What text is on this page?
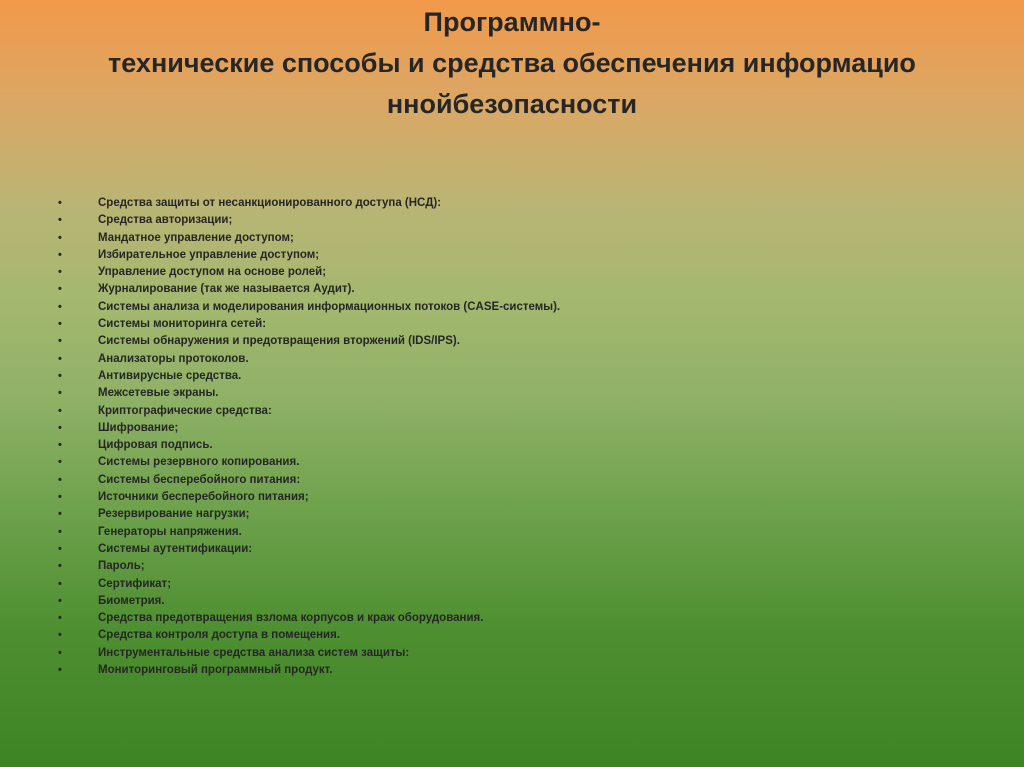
Программно-
технические способы и средства обеспечения информацио
ннойбезопасности
•	Средства защиты от несанкционированного доступа (НСД):
•	Средства авторизации;
•	Мандатное управление доступом;
•	Избирательное управление доступом;
•	Управление доступом на основе ролей;
•	Журналирование (так же называется Аудит).
•	Системы анализа и моделирования информационных потоков (CASE-системы).
•	Системы мониторинга сетей:
•	Системы обнаружения и предотвращения вторжений (IDS/IPS).
•	Анализаторы протоколов.
•	Антивирусные средства.
•	Межсетевые экраны.
•	Криптографические средства:
•	Шифрование;
•	Цифровая подпись.
•	Системы резервного копирования.
•	Системы бесперебойного питания:
•	Источники бесперебойного питания;
•	Резервирование нагрузки;
•	Генераторы напряжения.
•	Системы аутентификации:
•	Пароль;
•	Сертификат;
•	Биометрия.
•	Средства предотвращения взлома корпусов и краж оборудования.
•	Средства контроля доступа в помещения.
•	Инструментальные средства анализа систем защиты:
•	Мониторинговый программный продукт.
